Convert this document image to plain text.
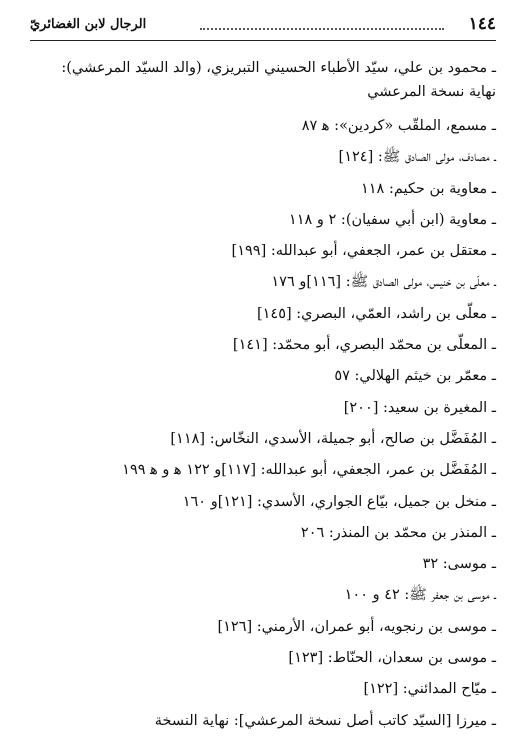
١٤٤
الرجال لابن الغضائريّ
ـ محمود بن علي، سيّد الأطباء الحسيني التبريزي، (والد السيّد المرعشي): نهاية نسخة المرعشي
ـ مسمع، الملقّب «كردين»: ﻫ ٨٧
ـ مصادف، مولى الصادق ﷺ: [١٢٤]
ـ معاوية بن حكيم: ١١٨
ـ معاوية (ابن أبي سفيان): ٢ و ١١٨
ـ معتقل بن عمر، الجعفي، أبو عبدالله: [١٩٩]
ـ معلّى بن خنيس، مولى الصادق ﷺ: [١١٦]و ١٧٦
ـ معلّى بن راشد، العمّي، البصري: [١٤٥]
ـ المعلّى بن محمّد البصري، أبو محمّد: [١٤١]
ـ معمّر بن خيثم الهلالي: ٥٧
ـ المغيرة بن سعيد: [٢٠٠]
ـ المُفَضَّل بن صالح، أبو جميلة، الأسدي، النخّاس: [١١٨]
ـ المُفَضَّل بن عمر، الجعفي، أبو عبدالله: [١١٧]و ١٢٢ ﻫ و ﻫ ١٩٩
ـ منخل بن جميل، بيّاع الجواري، الأسدي: [١٢١]و ١٦٠
ـ المنذر بن محمّد بن المنذر: ٢٠٦
ـ موسى: ٣٢
ـ موسى بن جعفر ﷺ: ٤٢ و ١٠٠
ـ موسى بن رنجويه، أبو عمران، الأرمني: [١٢٦]
ـ موسى بن سعدان، الحنّاط: [١٢٣]
ـ ميّاح المدائني: [١٢٢]
ـ ميرزا [السيّد كاتب أصل نسخة المرعشي]: نهاية النسخة
